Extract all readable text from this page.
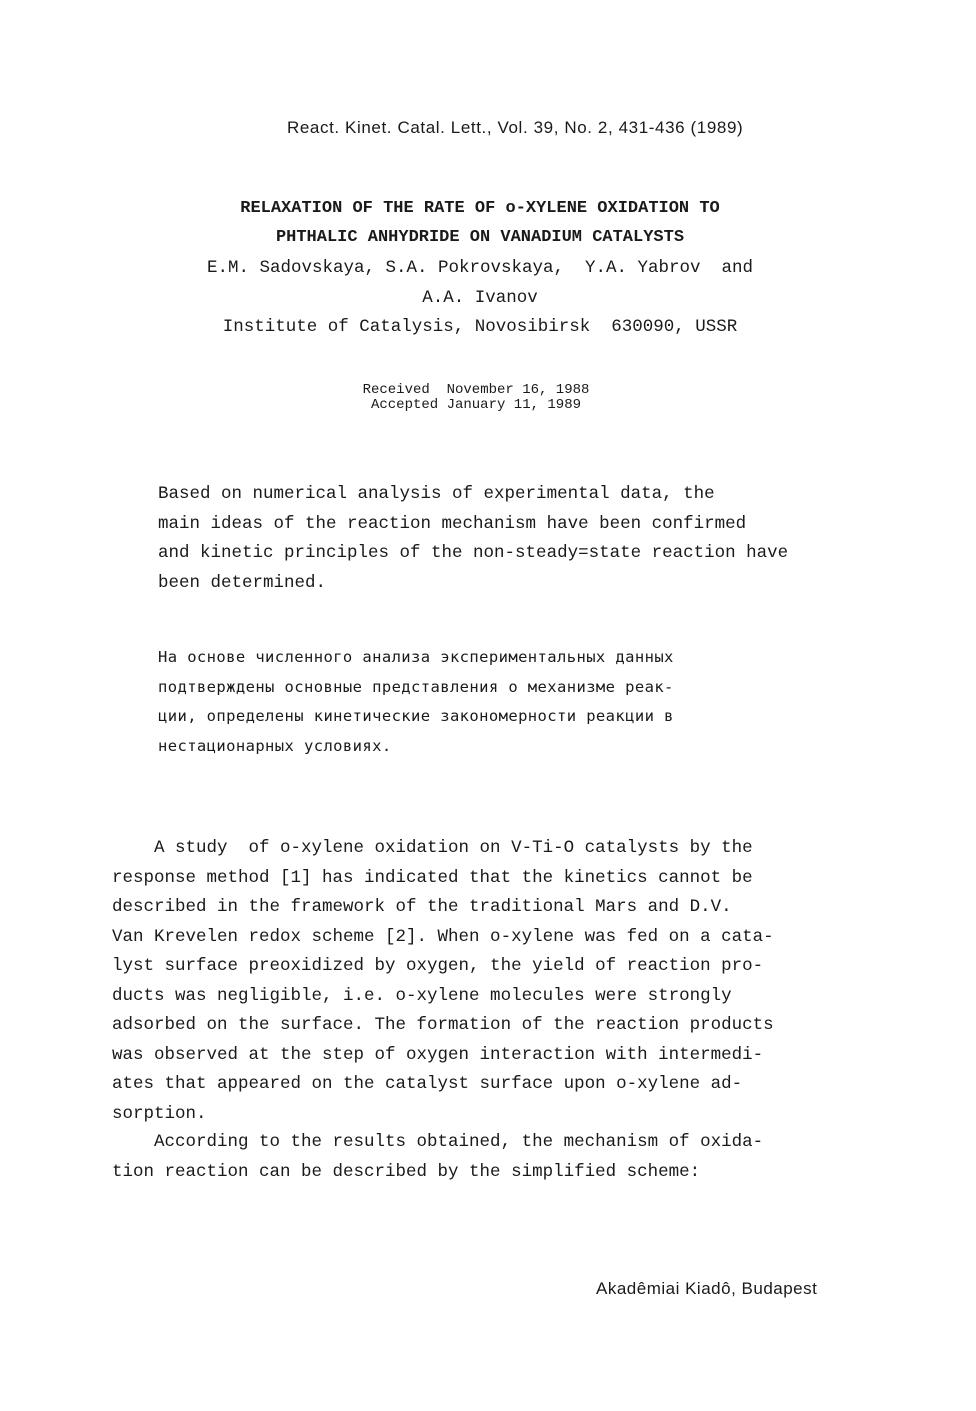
React. Kinet. Catal. Lett., Vol. 39, No. 2, 431-436 (1989)
RELAXATION OF THE RATE OF o-XYLENE OXIDATION TO
PHTHALIC ANHYDRIDE ON VANADIUM CATALYSTS
E.M. Sadovskaya, S.A. Pokrovskaya,  Y.A. Yabrov  and
A.A. Ivanov
Institute of Catalysis, Novosibirsk  630090, USSR
Received  November 16, 1988
Accepted January 11, 1989
Based on numerical analysis of experimental data, the
main ideas of the reaction mechanism have been confirmed
and kinetic principles of the non-steady=state reaction have
been determined.
На основе численного анализа экспериментальных данных
подтверждены основные представления о механизме реак-
ции, определены кинетические закономерности реакции в
нестационарных условиях.
A study  of o-xylene oxidation on V-Ti-O catalysts by the
response method [1] has indicated that the kinetics cannot be
described in the framework of the traditional Mars and D.V.
Van Krevelen redox scheme [2]. When o-xylene was fed on a cata-
lyst surface preoxidized by oxygen, the yield of reaction pro-
ducts was negligible, i.e. o-xylene molecules were strongly
adsorbed on the surface. The formation of the reaction products
was observed at the step of oxygen interaction with intermedi-
ates that appeared on the catalyst surface upon o-xylene ad-
sorption.
According to the results obtained, the mechanism of oxida-
tion reaction can be described by the simplified scheme:
Akadêmiai Kiadô, Budapest
